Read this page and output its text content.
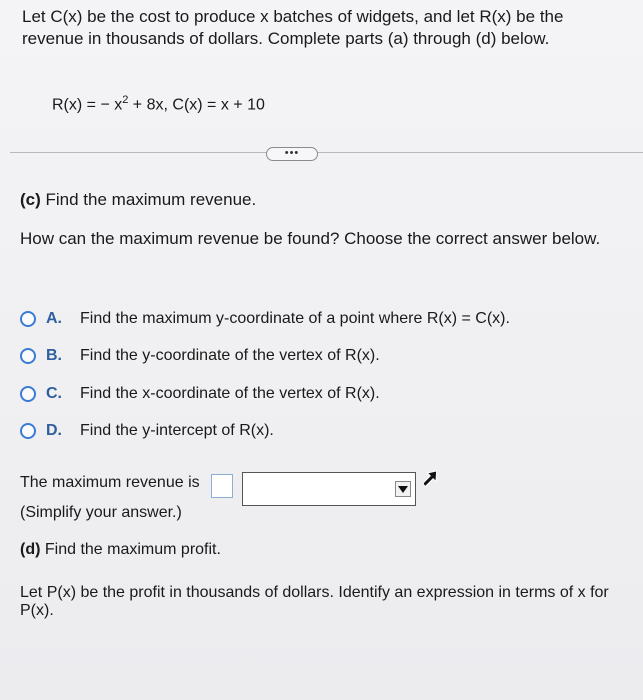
Let C(x) be the cost to produce x batches of widgets, and let R(x) be the revenue in thousands of dollars. Complete parts (a) through (d) below.
R(x) = − $x^2 + 8x$, C(x) = x + 10
•••
(c) Find the maximum revenue.
How can the maximum revenue be found? Choose the correct answer below.
A.	Find the maximum y-coordinate of a point where R(x) = C(x).
B.	Find the y-coordinate of the vertex of R(x).
C.	Find the x-coordinate of the vertex of R(x).
D.	Find the y-intercept of R(x).
The maximum revenue is
(Simplify your answer.)
(d) Find the maximum profit.
Let P(x) be the profit in thousands of dollars. Identify an expression in terms of x for P(x).
